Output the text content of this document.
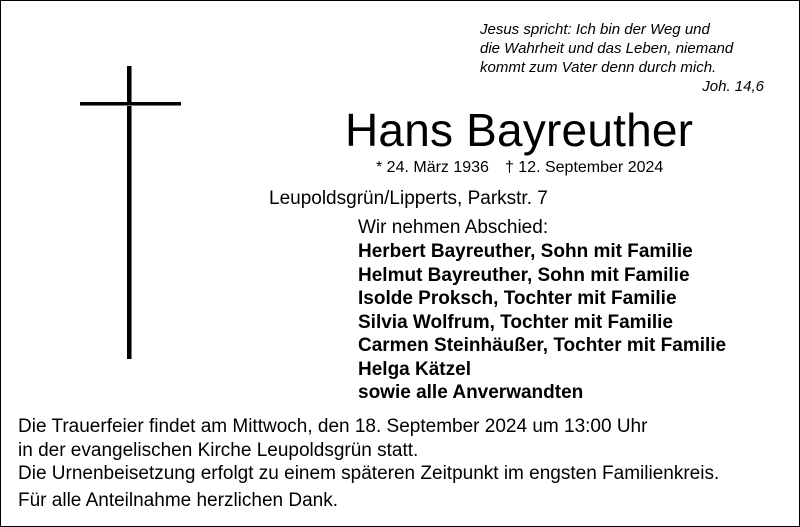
Jesus spricht: Ich bin der Weg und
die Wahrheit und das Leben, niemand
kommt zum Vater denn durch mich.
Joh. 14,6
Hans Bayreuther
* 24. März 1936 † 12. September 2024
Leupoldsgrün/Lipperts, Parkstr. 7
Wir nehmen Abschied:
Herbert Bayreuther, Sohn mit Familie
Helmut Bayreuther, Sohn mit Familie
Isolde Proksch, Tochter mit Familie
Silvia Wolfrum, Tochter mit Familie
Carmen Steinhäußer, Tochter mit Familie
Helga Kätzel
sowie alle Anverwandten
Die Trauerfeier findet am Mittwoch, den 18. September 2024 um 13:00 Uhr
in der evangelischen Kirche Leupoldsgrün statt.
Die Urnenbeisetzung erfolgt zu einem späteren Zeitpunkt im engsten Familienkreis.
Für alle Anteilnahme herzlichen Dank.
